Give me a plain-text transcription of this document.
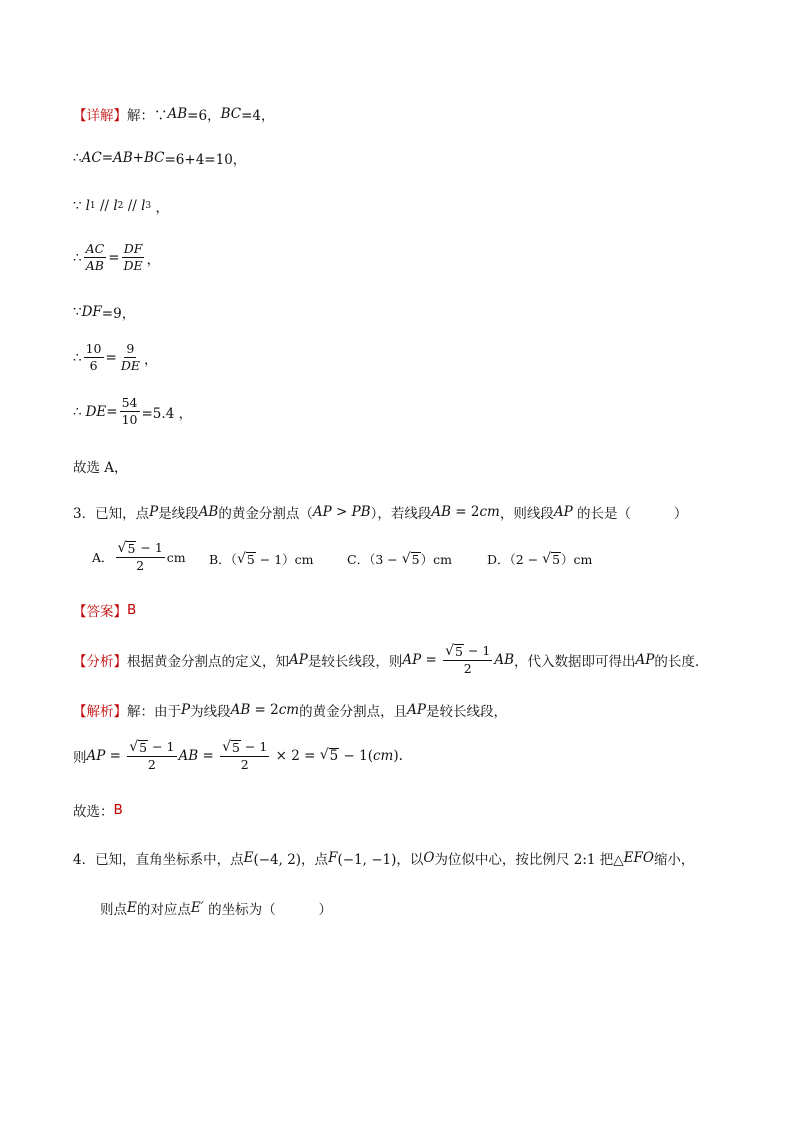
【详解】 解：∵ AB =6， BC =4，
∴ AC = AB + BC =6+4=10，
∵ l 1 // l 2 // l 3 ，
∴ $\frac{AC}{AB} = \frac{DF}{DE}$ ，
∵ DF =9，
∴ $\frac{10}{6} = \frac{9}{DE}$ ，
∴ DE = $\frac{54}{10} =5.4$ ，
故选 A，
3．已知，点 P 是线段 AB 的黄金分割点（ AP > PB ），若线段 AB = 2 cm ，则线段 AP 的长是（          ）
A． $\frac{√ 5 - 1}{2}$ cm B．（ √ 5 − 1）cm	C．（3 − √ 5 ）cm	D．（2 − √ 5 ）cm
【答案】 B
【分析】 根据黄金分割点的定义，知 AP 是较长线段，则 AP = $\frac{√ 5 - 1}{2}$ AB ，代入数据即可得出 AP 的长度.
【解析】 解：由于 P 为线段 AB = 2 cm 的黄金分割点，且 AP 是较长线段，
则 AP = $\frac{√ 5 - 1}{2}$ AB = $\frac{√ 5 - 1}{2} \times 2$ = √ 5 − 1( cm ).
故选： B
4．已知，直角坐标系中，点 E (−4, 2)，点 F (−1, −1)，以 O 为位似中心，按比例尺 2:1 把△ EFO 缩小，
则点 E 的对应点 E′ 的坐标为（          ）
